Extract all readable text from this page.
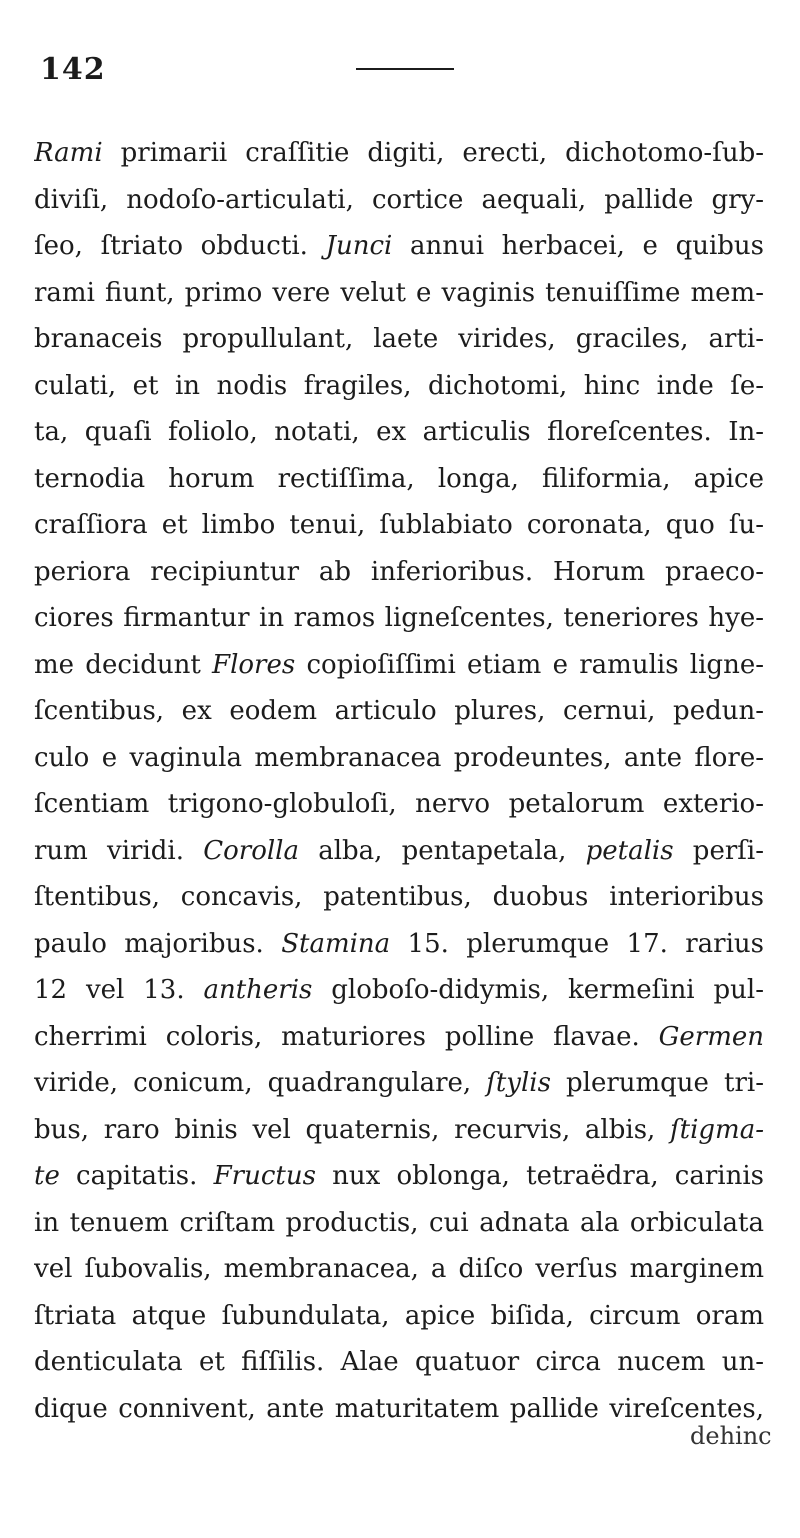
142
Rami primarii craſſitie digiti, erecti, dichotomo-ſub-
diviſi, nodoſo-articulati, cortice aequali, pallide gry-
ſeo, ſtriato obducti. Junci annui herbacei, e quibus
rami fiunt, primo vere velut e vaginis tenuiſſime mem-
branaceis propullulant, laete virides, graciles, arti-
culati, et in nodis fragiles, dichotomi, hinc inde ſe-
ta, quaſi foliolo, notati, ex articulis floreſcentes. In-
ternodia horum rectiſſima, longa, filiformia, apice
craſſiora et limbo tenui, ſublabiato coronata, quo ſu-
periora recipiuntur ab inferioribus. Horum praeco-
ciores firmantur in ramos ligneſcentes, teneriores hye-
me decidunt Flores copioſiſſimi etiam e ramulis ligne-
ſcentibus, ex eodem articulo plures, cernui, pedun-
culo e vaginula membranacea prodeuntes, ante flore-
ſcentiam trigono-globuloſi, nervo petalorum exterio-
rum viridi. Corolla alba, pentapetala, petalis perſi-
ſtentibus, concavis, patentibus, duobus interioribus
paulo majoribus. Stamina 15. plerumque 17. rarius
12 vel 13. antheris globoſo-didymis, kermeſini pul-
cherrimi coloris, maturiores polline flavae. Germen
viride, conicum, quadrangulare, ſtylis plerumque tri-
bus, raro binis vel quaternis, recurvis, albis, ſtigma-
te capitatis. Fructus nux oblonga, tetraëdra, carinis
in tenuem criſtam productis, cui adnata ala orbiculata
vel ſubovalis, membranacea, a diſco verſus marginem
ſtriata atque ſubundulata, apice biſida, circum oram
denticulata et fiſſilis. Alae quatuor circa nucem un-
dique connivent, ante maturitatem pallide vireſcentes,
dehinc
